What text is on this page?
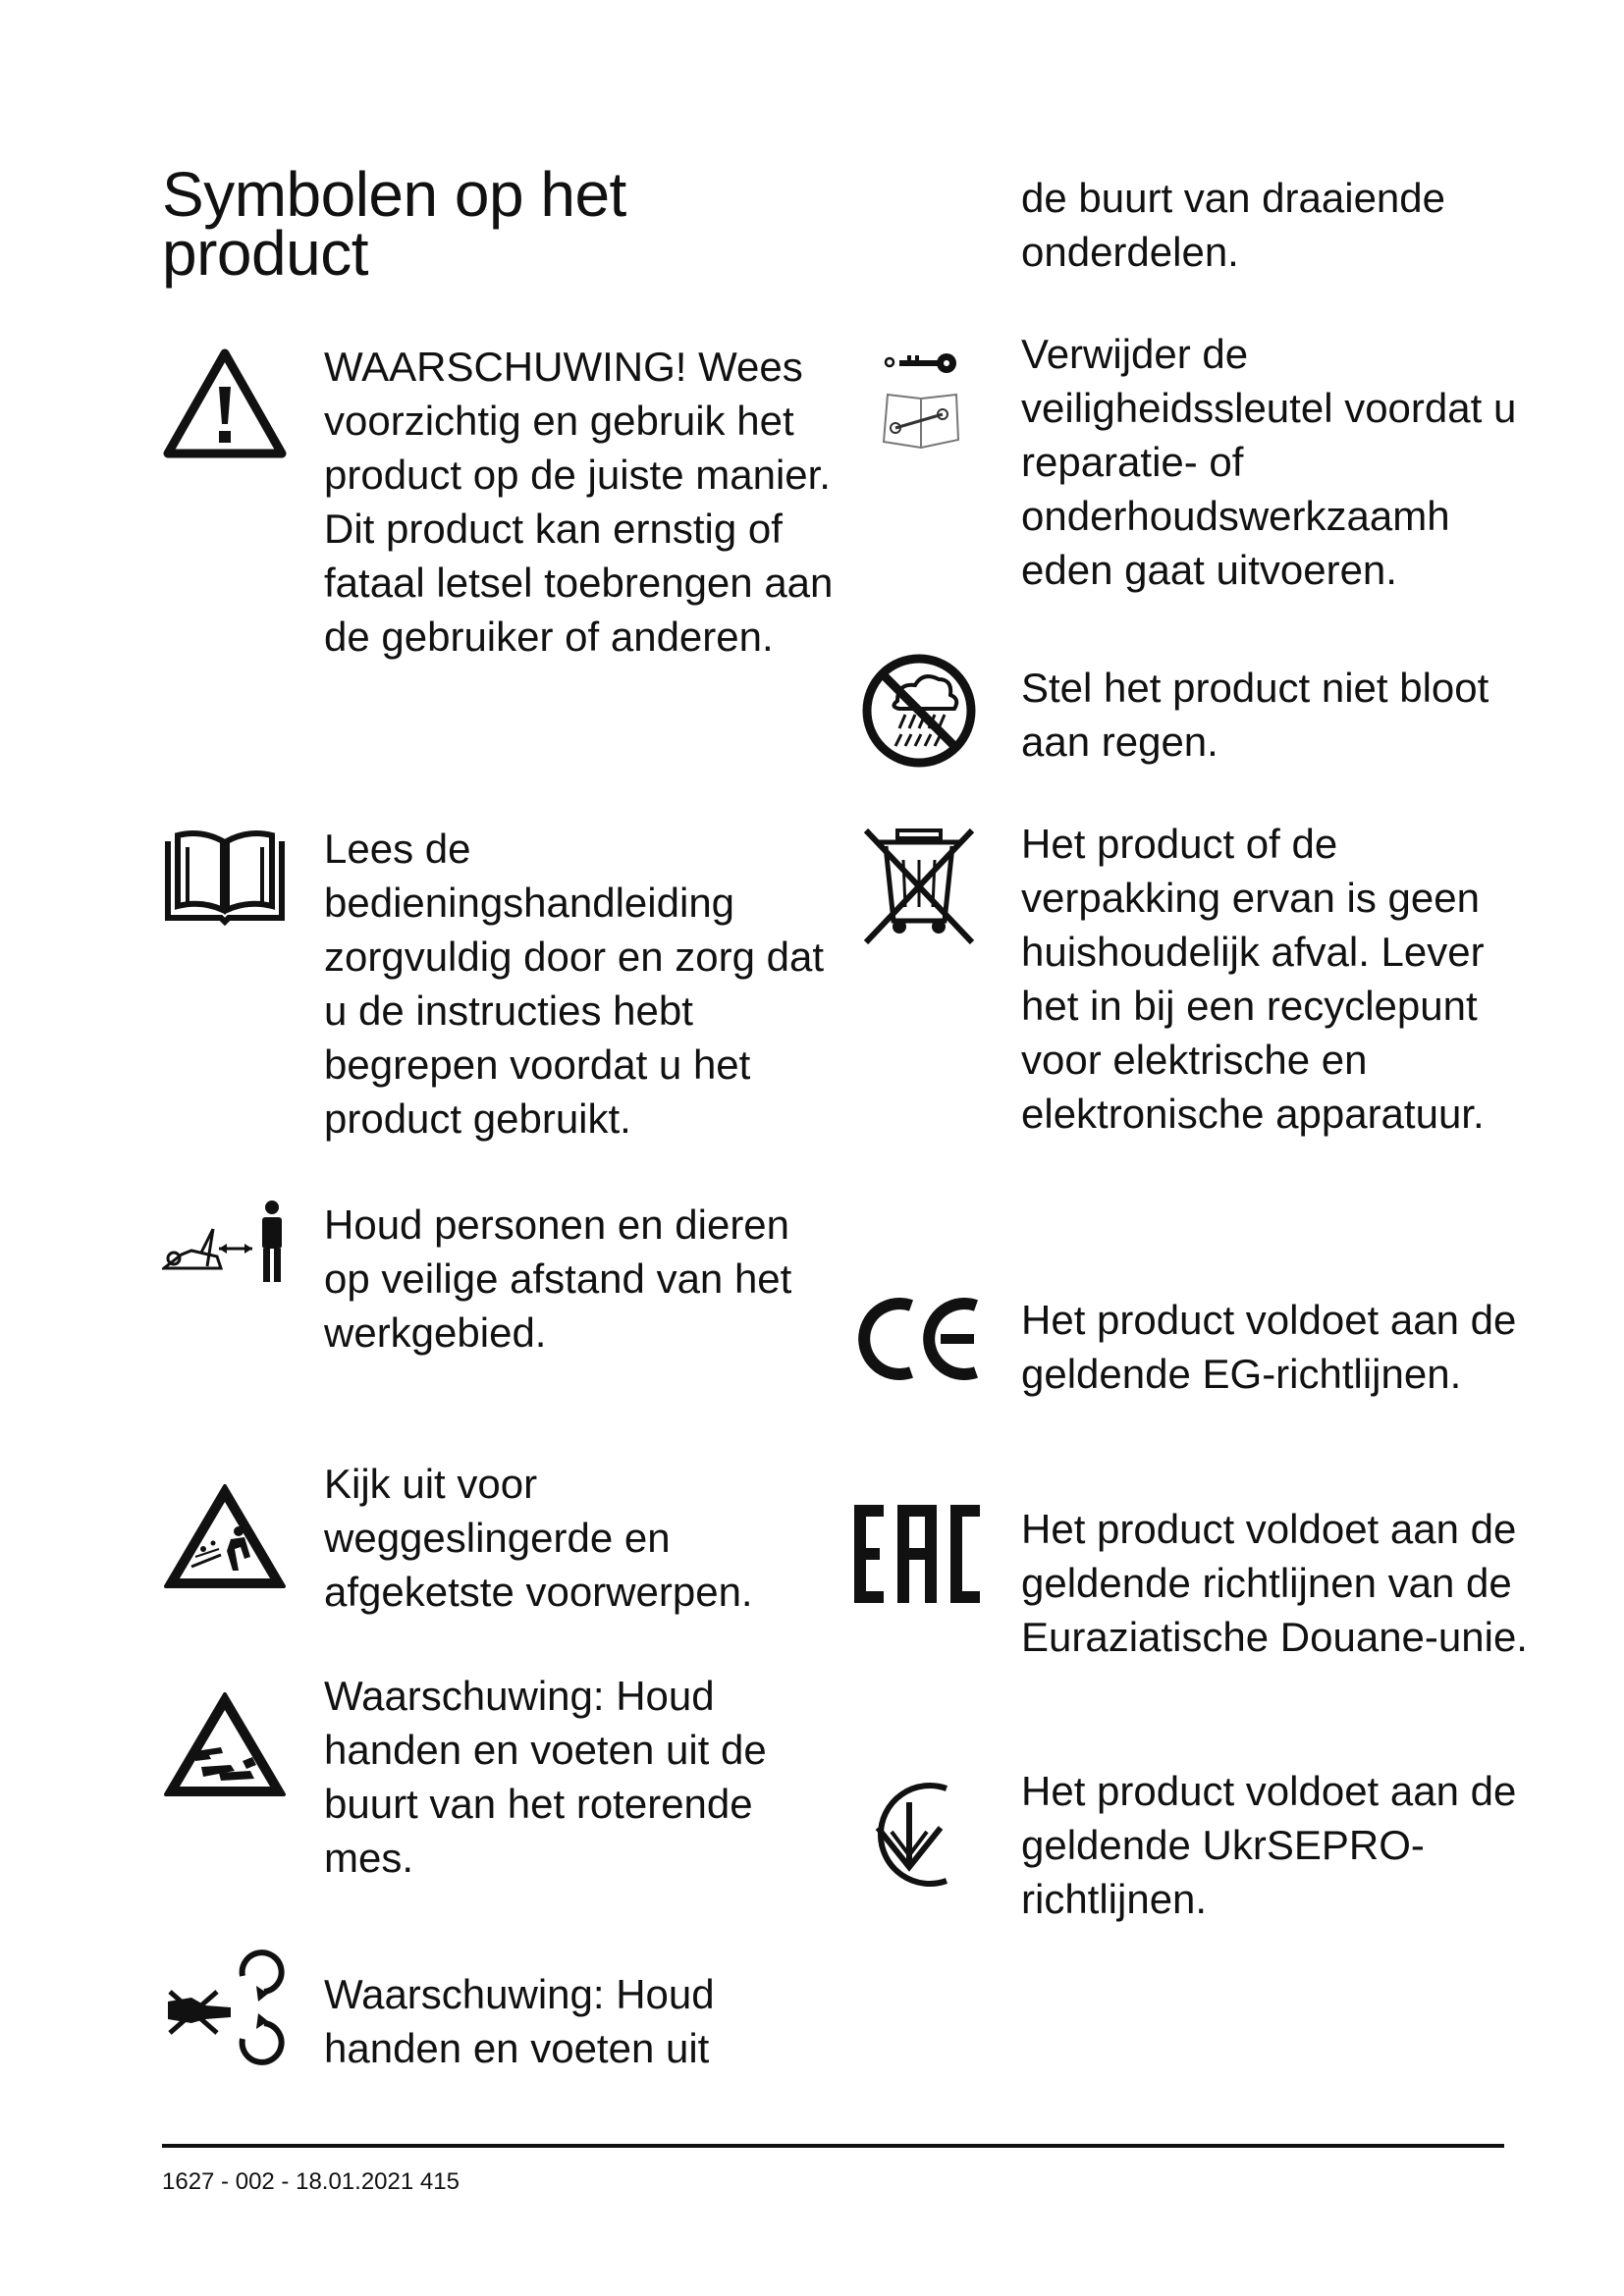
Symbolen op het product

WAARSCHUWING! Wees voorzichtig en gebruik het product op de juiste manier. Dit product kan ernstig of fataal letsel toebrengen aan de gebruiker of anderen.

Lees de bedieningshandleiding zorgvuldig door en zorg dat u de instructies hebt begrepen voordat u het product gebruikt.

Houd personen en dieren op veilige afstand van het werkgebied.

Kijk uit voor weggeslingerde en afgeketste voorwerpen.

Waarschuwing: Houd handen en voeten uit de buurt van het roterende mes.

Waarschuwing: Houd handen en voeten uit

de buurt van draaiende onderdelen.

Verwijder de veiligheidssleutel voordat u reparatie- of onderhoudswerkzaamh eden gaat uitvoeren.

Stel het product niet bloot aan regen.

Het product of de verpakking ervan is geen huishoudelijk afval. Lever het in bij een recyclepunt voor elektrische en elektronische apparatuur.

Het product voldoet aan de geldende EG-richtlijnen.

Het product voldoet aan de geldende richtlijnen van de Euraziatische Douane-unie.

Het product voldoet aan de geldende UkrSEPRO-richtlijnen.

1627 - 002 - 18.01.2021 415
